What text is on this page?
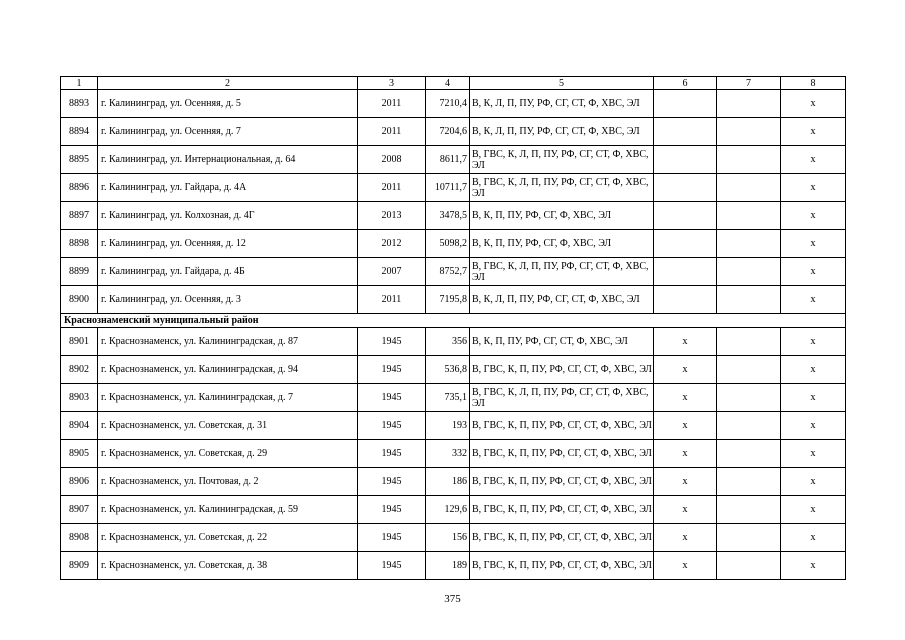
1	2	3	4	5	6	7	8
8893	г. Калининград, ул. Осенняя, д. 5	2011	7210,4	В, К, Л, П, ПУ, РФ, СГ, СТ, Ф, ХВС, ЭЛ			х
8894	г. Калининград, ул. Осенняя, д. 7	2011	7204,6	В, К, Л, П, ПУ, РФ, СГ, СТ, Ф, ХВС, ЭЛ			х
8895	г. Калининград, ул. Интернациональная, д. 64	2008	8611,7	В, ГВС, К, Л, П, ПУ, РФ, СГ, СТ, Ф, ХВС, ЭЛ			х
8896	г. Калининград, ул. Гайдара, д. 4А	2011	10711,7	В, ГВС, К, Л, П, ПУ, РФ, СГ, СТ, Ф, ХВС, ЭЛ			х
8897	г. Калининград, ул. Колхозная, д. 4Г	2013	3478,5	В, К, П, ПУ, РФ, СГ, Ф, ХВС, ЭЛ			х
8898	г. Калининград, ул. Осенняя, д. 12	2012	5098,2	В, К, П, ПУ, РФ, СГ, Ф, ХВС, ЭЛ			х
8899	г. Калининград, ул. Гайдара, д. 4Б	2007	8752,7	В, ГВС, К, Л, П, ПУ, РФ, СГ, СТ, Ф, ХВС, ЭЛ			х
8900	г. Калининград, ул. Осенняя, д. 3	2011	7195,8	В, К, Л, П, ПУ, РФ, СГ, СТ, Ф, ХВС, ЭЛ			х
Краснознаменский муниципальный район							
8901	г. Краснознаменск, ул. Калининградская, д. 87	1945	356	В, К, П, ПУ, РФ, СГ, СТ, Ф, ХВС, ЭЛ	х		х
8902	г. Краснознаменск, ул. Калининградская, д. 94	1945	536,8	В, ГВС, К, П, ПУ, РФ, СГ, СТ, Ф, ХВС, ЭЛ	х		х
8903	г. Краснознаменск, ул. Калининградская, д. 7	1945	735,1	В, ГВС, К, Л, П, ПУ, РФ, СГ, СТ, Ф, ХВС, ЭЛ	х		х
8904	г. Краснознаменск, ул. Советская, д. 31	1945	193	В, ГВС, К, П, ПУ, РФ, СГ, СТ, Ф, ХВС, ЭЛ	х		х
8905	г. Краснознаменск, ул. Советская, д. 29	1945	332	В, ГВС, К, П, ПУ, РФ, СГ, СТ, Ф, ХВС, ЭЛ	х		х
8906	г. Краснознаменск, ул. Почтовая, д. 2	1945	186	В, ГВС, К, П, ПУ, РФ, СГ, СТ, Ф, ХВС, ЭЛ	х		х
8907	г. Краснознаменск, ул. Калининградская, д. 59	1945	129,6	В, ГВС, К, П, ПУ, РФ, СГ, СТ, Ф, ХВС, ЭЛ	х		х
8908	г. Краснознаменск, ул. Советская, д. 22	1945	156	В, ГВС, К, П, ПУ, РФ, СГ, СТ, Ф, ХВС, ЭЛ	х		х
8909	г. Краснознаменск, ул. Советская, д. 38	1945	189	В, ГВС, К, П, ПУ, РФ, СГ, СТ, Ф, ХВС, ЭЛ	х		х
375
